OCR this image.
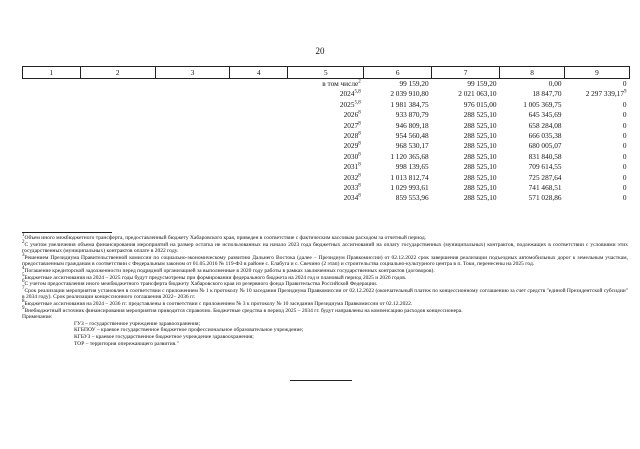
20
1	2	3	4	5	6	7	8	9
				в том числе$^2$	99 159,20	99 159,20	0,00	0
				2024$^{5,8}$	2 039 910,80	2 021 063,10	18 847,70	2 297 339,17$^9$
				2025$^{5,8}$	1 981 384,75	976 015,00	1 005 369,75	0
				2026$^8$	933 870,79	288 525,10	645 345,69	0
				2027$^8$	946 809,18	288 525,10	658 284,08	0
				2028$^8$	954 560,48	288 525,10	666 035,38	0
				2029$^8$	968 530,17	288 525,10	680 005,07	0
				2030$^8$	1 120 365,68	288 525,10	831 840,58	0
				2031$^8$	998 139,65	288 525,10	709 614,55	0
				2032$^8$	1 013 812,74	288 525,10	725 287,64	0
				2033$^8$	1 029 993,61	288 525,10	741 468,51	0
				2034$^8$	859 553,96	288 525,10	571 028,86	0

$^1$Объем иного межбюджетного трансферта, предоставленный бюджету Хабаровского края, приведен в соответствие с фактическим кассовым расходом за отчетный период.

$^2$С учетом увеличения объема финансирования мероприятий на размер остатка не использованных на начало 2023 года бюджетных ассигнований на оплату государственных (муниципальных) контрактов, подлежащих в соответствии с условиями этих государственных (муниципальных) контрактов оплате в 2022 году.

$^3$Решением Президиума Правительственной комиссии по социально-экономическому развитию Дальнего Востока (далее – Президиум Правкомиссии) от 02.12.2022 срок завершения реализации подъездных автомобильных дорог к земельным участкам, предоставленным гражданам в соответствии с Федеральным законом от 01.05.2016 № 119-ФЗ в районе с. Елабуга и с. Свечино (2 этап) и строительства социально-культурного центра в п. Токи, перенесены на 2025 год.

$^4$Погашение кредиторской задолженности перед подрядной организацией за выполненные в 2020 году работы в рамках заключенных государственных контрактов (договоров).

$^5$Бюджетные ассигнования на 2024 – 2025 годы будут предусмотрены при формировании федерального бюджета на 2024 год и плановый период 2025 и 2026 годов.

$^6$С учетом предоставления иного межбюджетного трансферта бюджету Хабаровского края из резервного фонда Правительства Российской Федерации.

$^7$Срок реализации мероприятия установлен в соответствии с приложением № 1 к протоколу № 10 заседания Президиума Правкомиссии от 02.12.2022 (окончательный платеж по концессионному соглашению за счет средств "единой Президентской субсидии" в 2034 году). Срок реализации концессионного соглашения 2022– 2036 гг.

$^8$Бюджетные ассигнования на 2024 – 2036 гг. представлены в соответствии с приложением № 3 к протоколу № 10 заседания Президиума Правкомиссии от 02.12.2022.

$^9$Внебюджетный источник финансирования мероприятия приводится справочно. Бюджетные средства в период 2025 – 2034 гг. будут направлены на компенсацию расходов концессионера.

Примечание:

ГУЗ – государственное учреждение здравоохранения;

КГБПОУ – краевое государственное бюджетное профессиональное образовательное учреждение;

КГБУЗ – краевое государственное бюджетное учреждение здравоохранения;

ТОР – территория опережающего развития."
